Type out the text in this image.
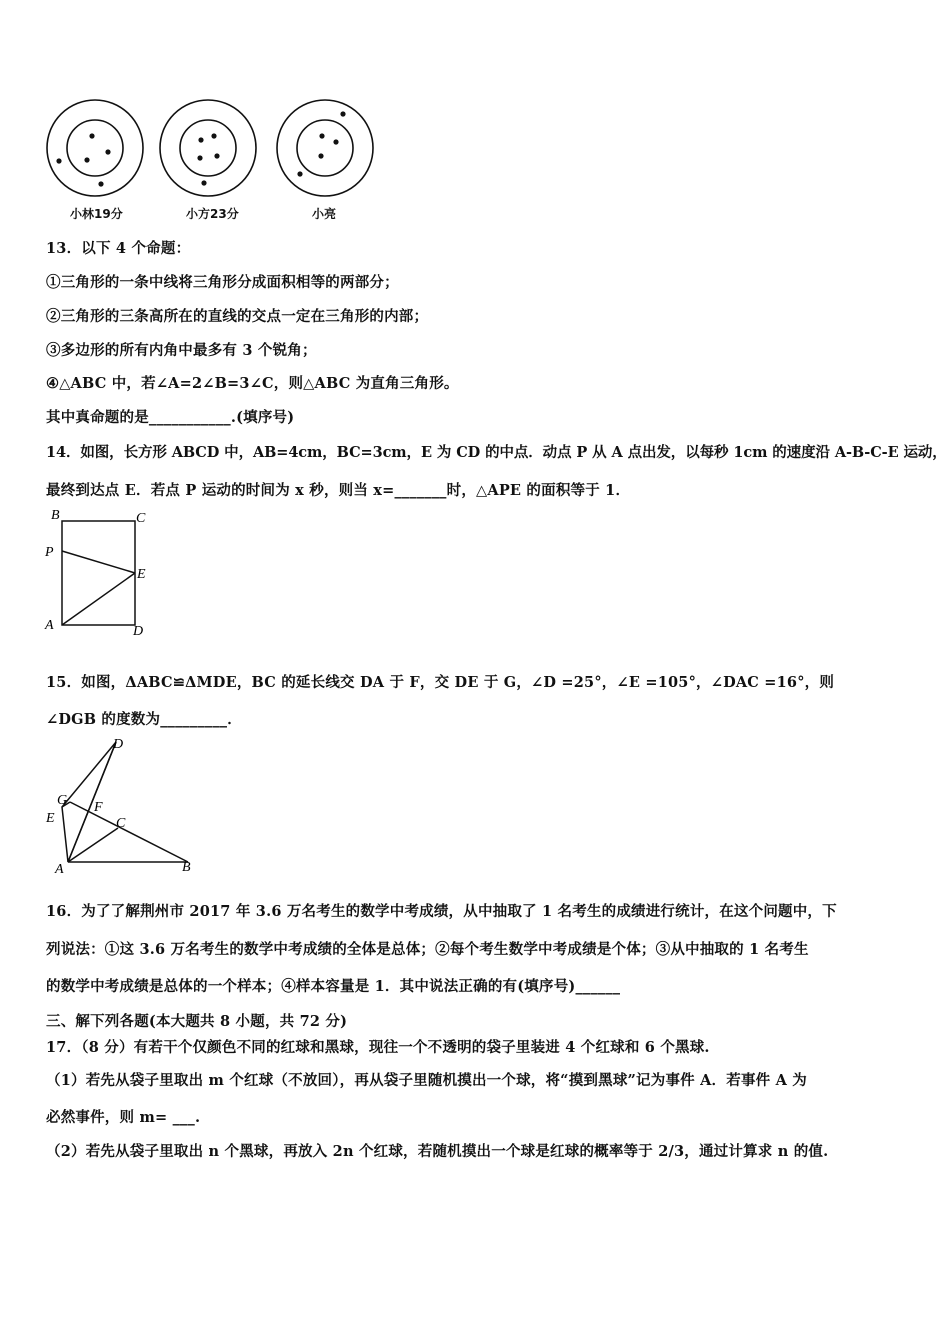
小林19分	小方23分	小亮
13．以下 4 个命题：
①三角形的一条中线将三角形分成面积相等的两部分；
②三角形的三条高所在的直线的交点一定在三角形的内部；
③多边形的所有内角中最多有 3 个锐角；
④△ABC 中，若∠A=2∠B=3∠C，则△ABC 为直角三角形。
其中真命题的是___________.(填序号)
14．如图，长方形 ABCD 中，AB=4cm，BC=3cm，E 为 CD 的中点．动点 P 从 A 点出发，以每秒 1cm 的速度沿 A-B-C-E 运动，
最终到达点 E．若点 P 运动的时间为 x 秒，则当 x=_______时，△APE 的面积等于 1．
B	C
P
E
A	D
15．如图，ΔABC≌ΔMDE，BC 的延长线交 DA 于 F，交 DE 于 G，∠D =25°，∠E =105°，∠DAC =16°，则
∠DGB 的度数为_________．
D
G F
E	C
A	B
16．为了了解荆州市 2017 年 3.6 万名考生的数学中考成绩，从中抽取了 1 名考生的成绩进行统计，在这个问题中，下
列说法：①这 3.6 万名考生的数学中考成绩的全体是总体；②每个考生数学中考成绩是个体；③从中抽取的 1 名考生
的数学中考成绩是总体的一个样本；④样本容量是 1．其中说法正确的有(填序号)______
三、解下列各题(本大题共 8 小题，共 72 分)
17．（8 分）有若干个仅颜色不同的红球和黑球，现往一个不透明的袋子里装进 4 个红球和 6 个黑球.
（1）若先从袋子里取出 m 个红球（不放回），再从袋子里随机摸出一个球，将“摸到黑球”记为事件 A．若事件 A 为
必然事件，则 m= ___.
（2）若先从袋子里取出 n 个黑球，再放入 2n 个红球，若随机摸出一个球是红球的概率等于 2/3，通过计算求 n 的值.
